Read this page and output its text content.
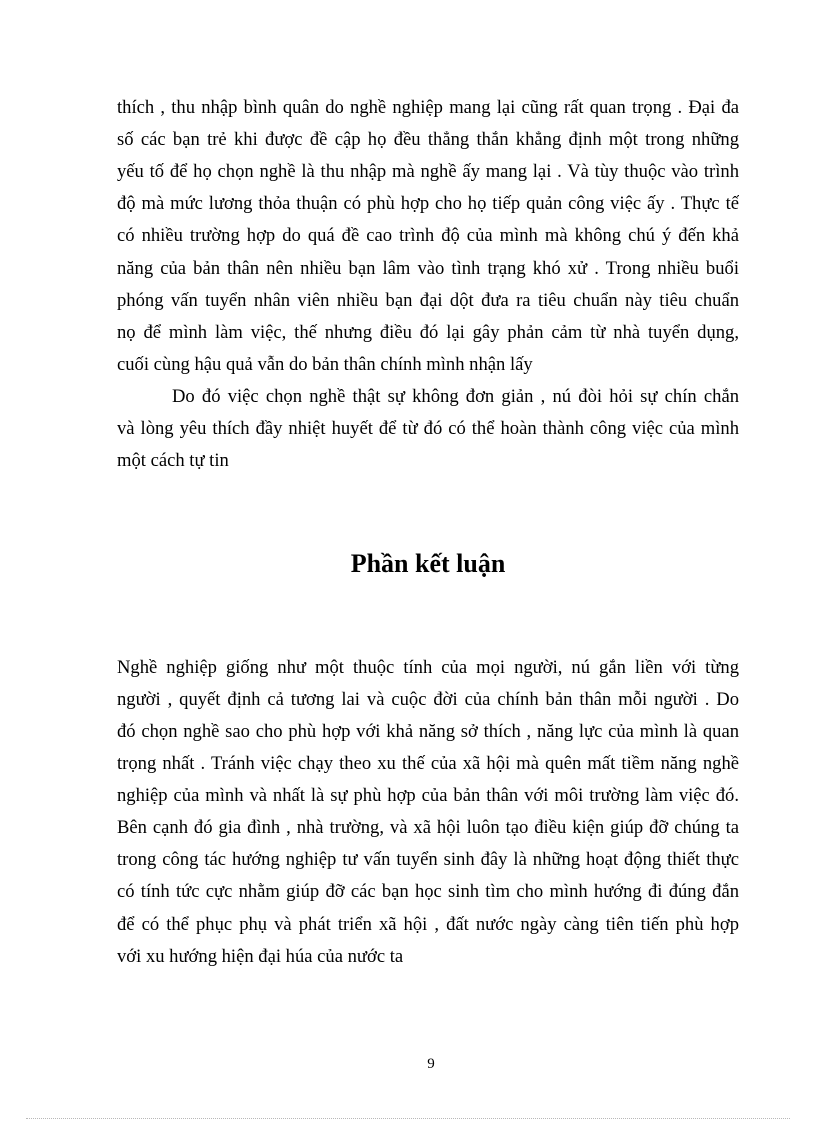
thích , thu nhập bình quân do nghề nghiệp mang lại cũng rất quan trọng . Đại đa
số các bạn trẻ khi được đề cập họ đều thẳng thắn khẳng định một trong những
yếu tố để họ chọn nghề là thu nhập mà nghề ấy mang lại . Và tùy thuộc vào trình
độ mà mức lương thỏa thuận có phù hợp cho họ tiếp quản công việc ấy . Thực tế
có nhiều trường hợp do quá đề cao trình độ của mình mà không chú ý đến khả
năng của bản thân nên nhiều bạn lâm vào tình trạng khó xử . Trong nhiều buổi
phóng vấn tuyển nhân viên nhiều bạn đại dột đưa ra tiêu chuẩn này tiêu chuẩn
nọ để mình làm việc, thế nhưng điều đó lại gây phản cảm từ nhà tuyển dụng,
cuối cùng hậu quả vẫn do bản thân chính mình nhận lấy
Do đó việc chọn nghề thật sự không đơn giản , nú đòi hỏi sự chín chắn
và lòng yêu thích đầy nhiệt huyết để từ đó có thể hoàn thành công việc của mình
một cách tự tin
Phần kết luận
Nghề nghiệp giống như một thuộc tính của mọi người, nú gắn liền với từng
người , quyết định cả tương lai và cuộc đời của chính bản thân mỗi người . Do
đó chọn nghề sao cho phù hợp với khả năng sở thích , năng lực của mình là quan
trọng nhất . Tránh việc chạy theo xu thế của xã hội mà quên mất tiềm năng nghề
nghiệp của mình và nhất là sự phù hợp của bản thân với môi trường làm việc đó.
Bên cạnh đó gia đình , nhà trường, và xã hội luôn tạo điều kiện giúp đỡ chúng ta
trong công tác hướng nghiệp tư vấn tuyển sinh đây là những hoạt động thiết thực
có tính tức cực nhằm giúp đỡ các bạn học sinh tìm cho mình hướng đi đúng đắn
để có thể phục phụ và phát triển xã hội , đất nước ngày càng tiên tiến phù hợp
với xu hướng hiện đại húa của nước ta
9
